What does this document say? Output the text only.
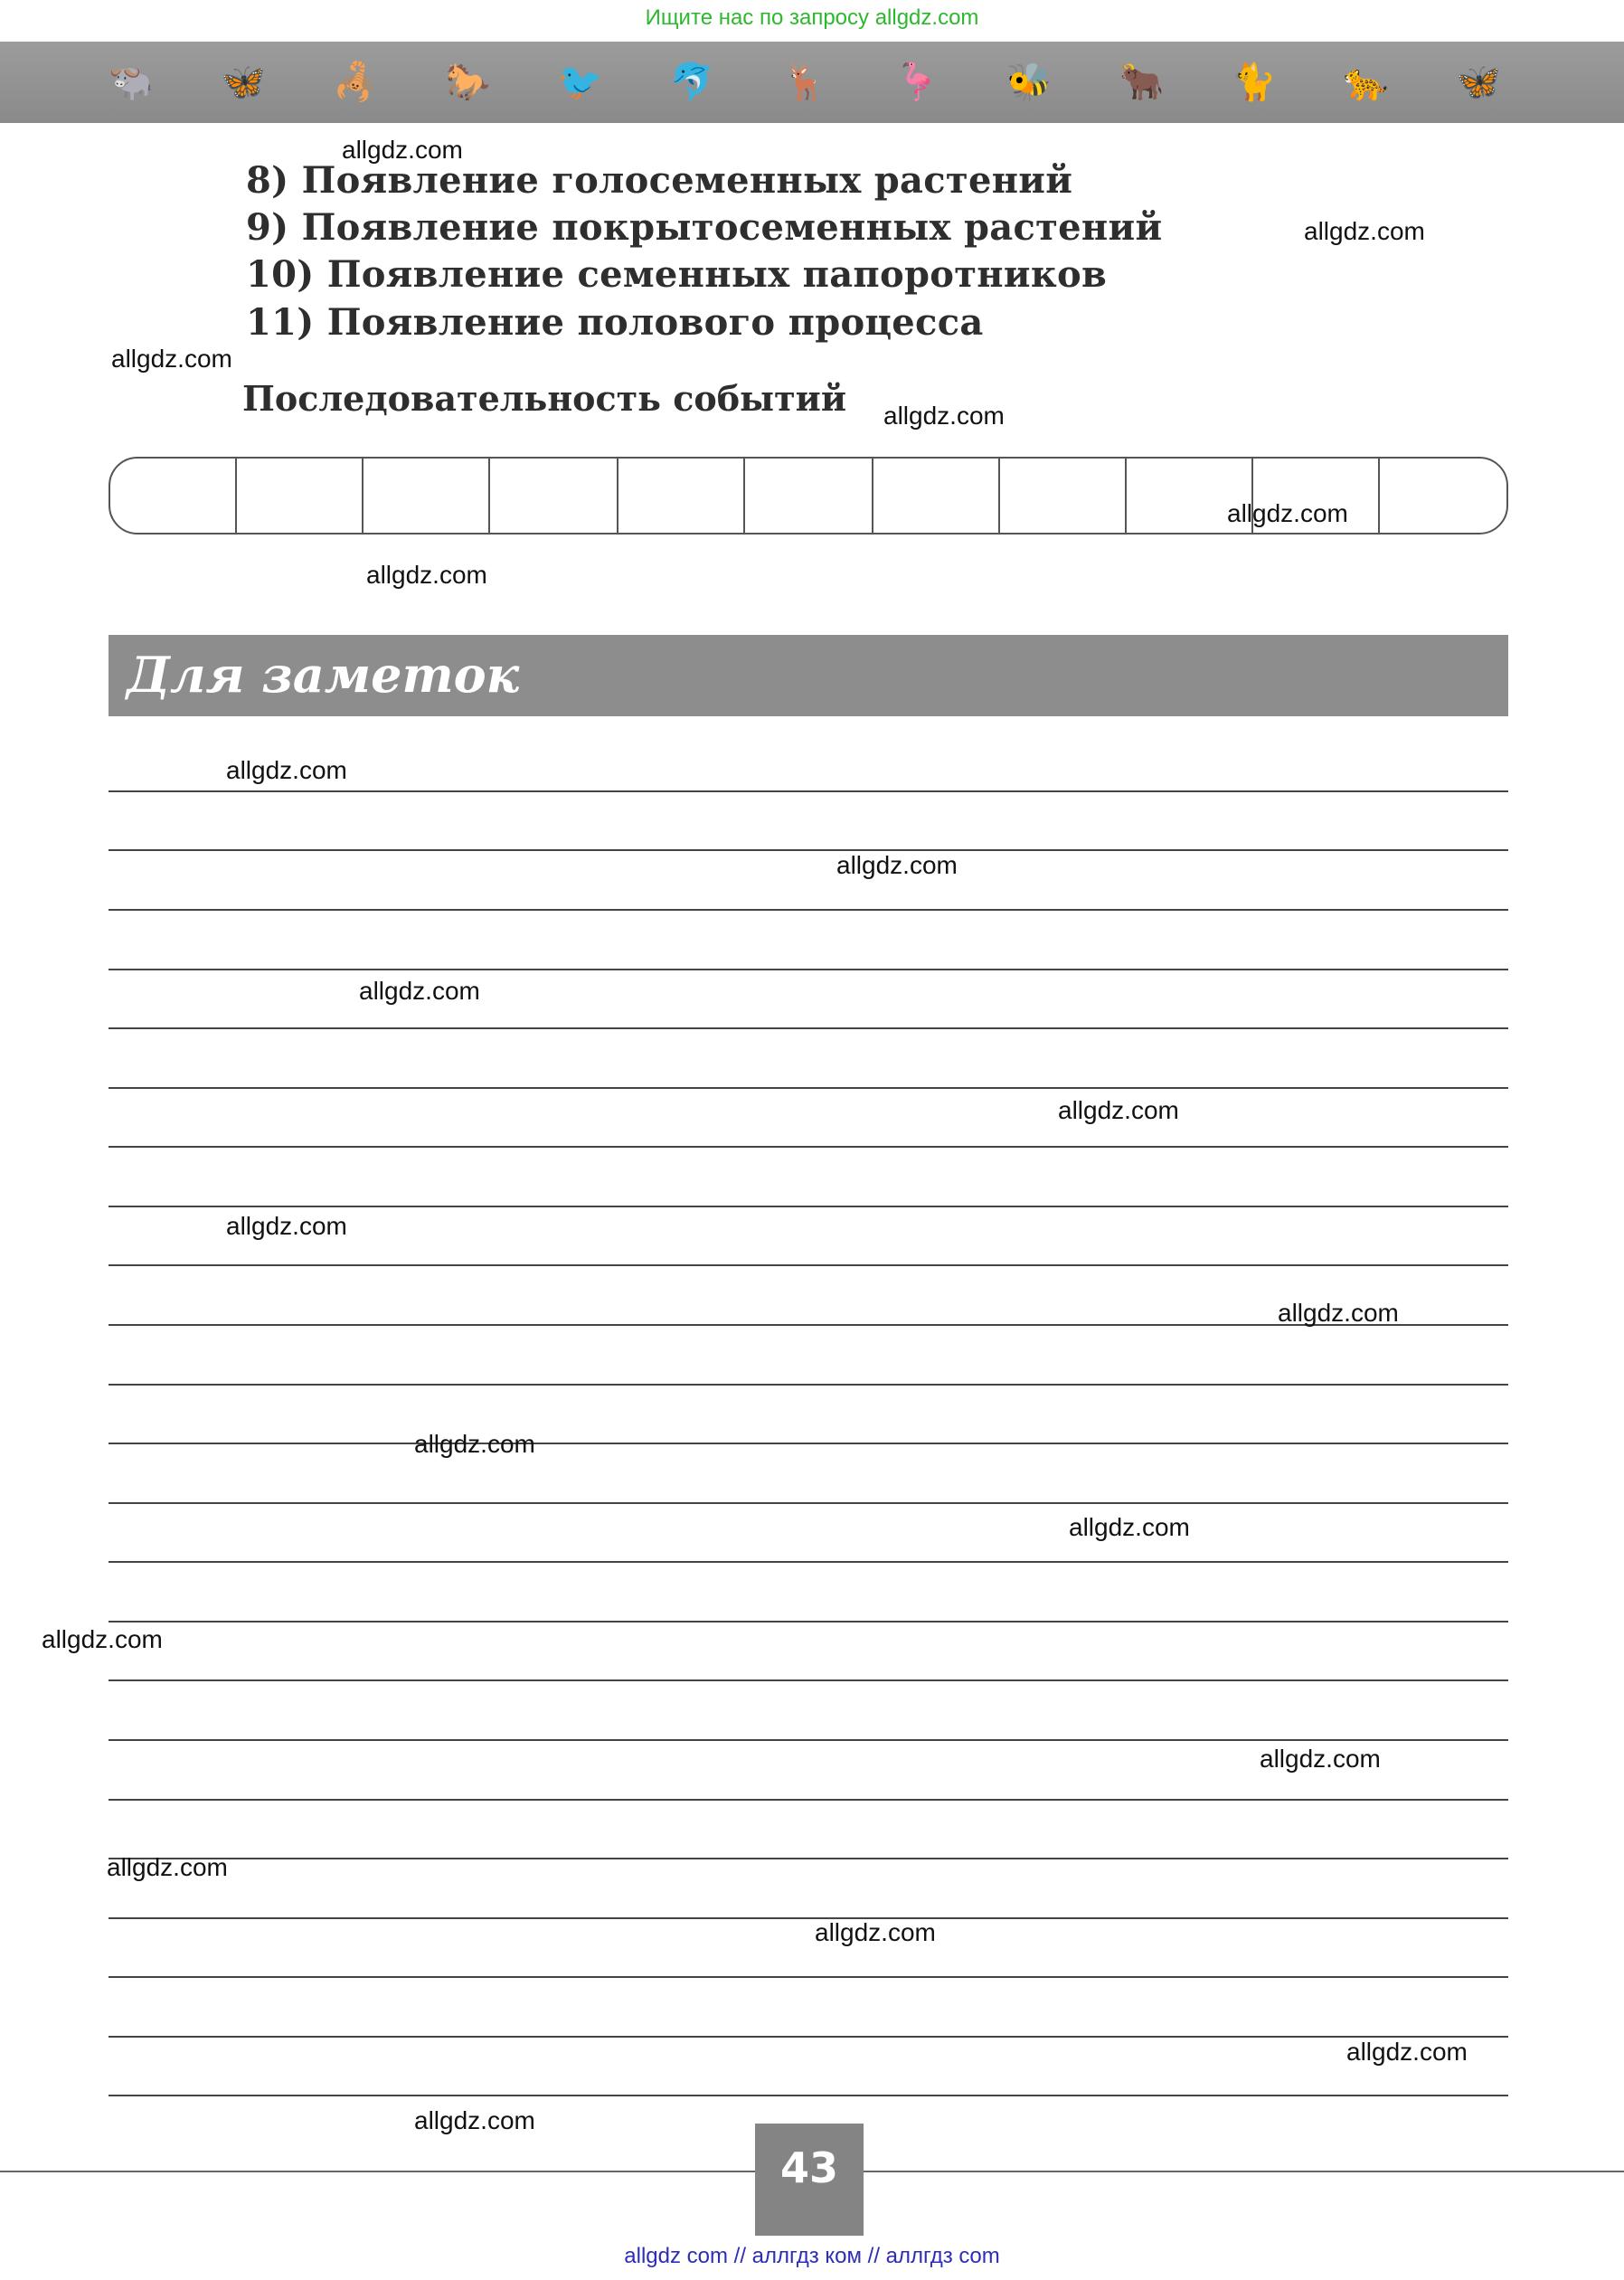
Ищите нас по запросу allgdz.com
🐃 🦋 🦂 🐎 🐦 🐬 🦌 🦩 🐝 🐂 🐈 🐆 🦋
8) Появление голосеменных растений
9) Появление покрытосеменных растений
10) Появление семенных папоротников
11) Появление полового процесса
Последовательность событий
Для заметок
43
allgdz com // аллгдз ком // аллгдз com
allgdz.com
allgdz.com
allgdz.com
allgdz.com
allgdz.com
allgdz.com
allgdz.com
allgdz.com
allgdz.com
allgdz.com
allgdz.com
allgdz.com
allgdz.com
allgdz.com
allgdz.com
allgdz.com
allgdz.com
allgdz.com
allgdz.com
allgdz.com
